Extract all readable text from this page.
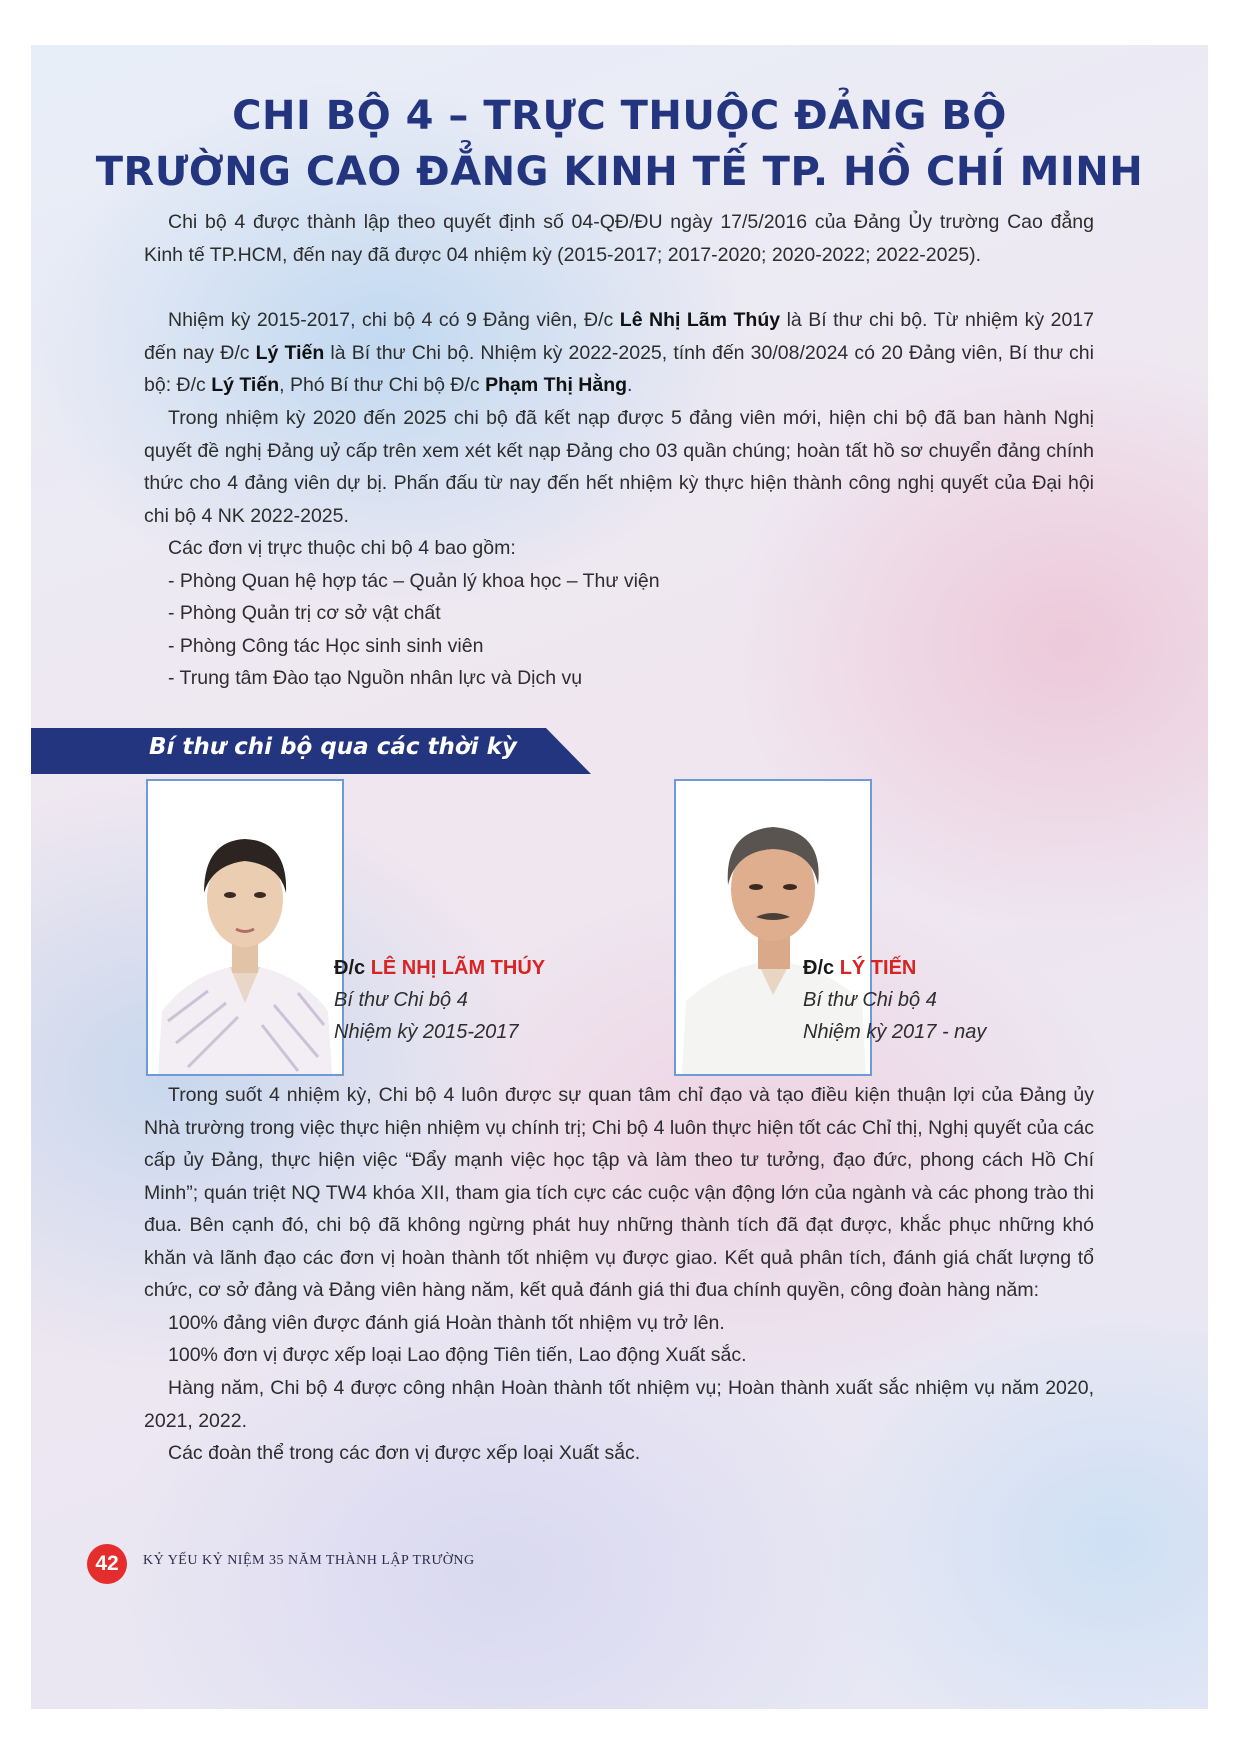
CHI BỘ 4 – TRỰC THUỘC ĐẢNG BỘ
TRƯỜNG CAO ĐẲNG KINH TẾ TP. HỒ CHÍ MINH

Chi bộ 4 được thành lập theo quyết định số 04-QĐ/ĐU ngày 17/5/2016 của Đảng Ủy trường Cao đẳng Kinh tế TP.HCM, đến nay đã được 04 nhiệm kỳ (2015-2017; 2017-2020; 2020-2022; 2022-2025).

Nhiệm kỳ 2015-2017, chi bộ 4 có 9 Đảng viên, Đ/c Lê Nhị Lãm Thúy là Bí thư chi bộ. Từ nhiệm kỳ 2017 đến nay Đ/c Lý Tiến là Bí thư Chi bộ. Nhiệm kỳ 2022-2025, tính đến 30/08/2024 có 20 Đảng viên, Bí thư chi bộ: Đ/c Lý Tiến, Phó Bí thư Chi bộ Đ/c Phạm Thị Hằng.

Trong nhiệm kỳ 2020 đến 2025 chi bộ đã kết nạp được 5 đảng viên mới, hiện chi bộ đã ban hành Nghị quyết đề nghị Đảng uỷ cấp trên xem xét kết nạp Đảng cho 03 quần chúng; hoàn tất hồ sơ chuyển đảng chính thức cho 4 đảng viên dự bị. Phấn đấu từ nay đến hết nhiệm kỳ thực hiện thành công nghị quyết của Đại hội chi bộ 4 NK 2022-2025.

Các đơn vị trực thuộc chi bộ 4 bao gồm:
- Phòng Quan hệ hợp tác – Quản lý khoa học – Thư viện
- Phòng Quản trị cơ sở vật chất
- Phòng Công tác Học sinh sinh viên
- Trung tâm Đào tạo Nguồn nhân lực và Dịch vụ
Bí thư chi bộ qua các thời kỳ
Đ/c LÊ NHỊ LÃM THÚY
Bí thư Chi bộ 4
Nhiệm kỳ 2015-2017
Đ/c LÝ TIẾN
Bí thư Chi bộ 4
Nhiệm kỳ 2017 - nay

Trong suốt 4 nhiệm kỳ, Chi bộ 4 luôn được sự quan tâm chỉ đạo và tạo điều kiện thuận lợi của Đảng ủy Nhà trường trong việc thực hiện nhiệm vụ chính trị; Chi bộ 4 luôn thực hiện tốt các Chỉ thị, Nghị quyết của các cấp ủy Đảng, thực hiện việc “Đẩy mạnh việc học tập và làm theo tư tưởng, đạo đức, phong cách Hồ Chí Minh”; quán triệt NQ TW4 khóa XII, tham gia tích cực các cuộc vận động lớn của ngành và các phong trào thi đua. Bên cạnh đó, chi bộ đã không ngừng phát huy những thành tích đã đạt được, khắc phục những khó khăn và lãnh đạo các đơn vị hoàn thành tốt nhiệm vụ được giao. Kết quả phân tích, đánh giá chất lượng tổ chức, cơ sở đảng và Đảng viên hàng năm, kết quả đánh giá thi đua chính quyền, công đoàn hàng năm:

100% đảng viên được đánh giá Hoàn thành tốt nhiệm vụ trở lên.

100% đơn vị được xếp loại Lao động Tiên tiến, Lao động Xuất sắc.

Hàng năm, Chi bộ 4 được công nhận Hoàn thành tốt nhiệm vụ; Hoàn thành xuất sắc nhiệm vụ năm 2020, 2021, 2022.

Các đoàn thể trong các đơn vị được xếp loại Xuất sắc.

42	KỶ YẾU KỶ NIỆM 35 NĂM THÀNH LẬP TRƯỜNG
